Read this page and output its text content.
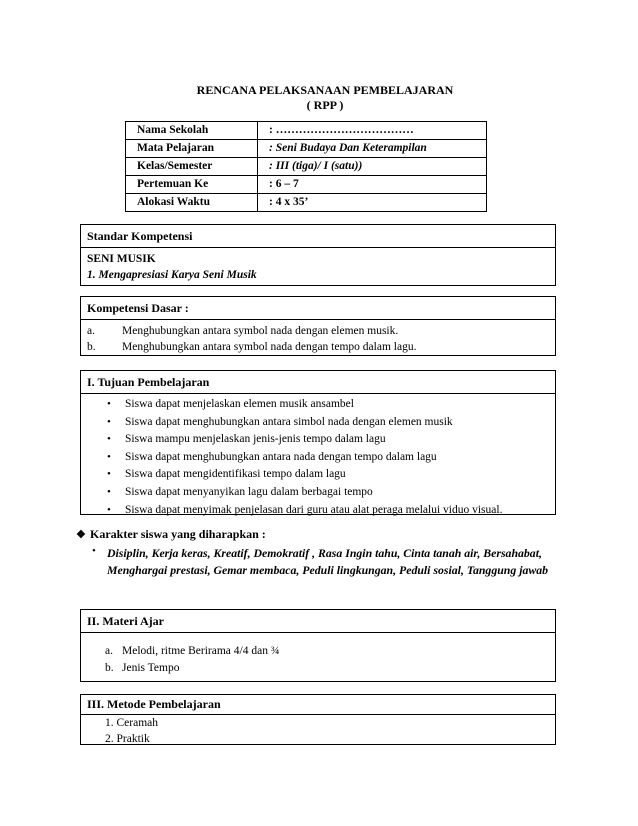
RENCANA PELAKSANAAN PEMBELAJARAN
( RPP )
Nama Sekolah	: ………………………………
Mata Pelajaran	: Seni Budaya Dan Keterampilan
Kelas/Semester	: III (tiga)/ I (satu))
Pertemuan Ke	: 6 – 7
Alokasi Waktu	: 4 x 35’
Standar Kompetensi
SENI MUSIK
1. Mengapresiasi Karya Seni Musik
Kompetensi Dasar :
a.	Menghubungkan antara symbol nada dengan elemen musik.
b.	Menghubungkan antara symbol nada dengan tempo dalam lagu.
I. Tujuan Pembelajaran
• Siswa dapat menjelaskan elemen musik ansambel
• Siswa dapat menghubungkan antara simbol nada dengan elemen musik
• Siswa mampu menjelaskan jenis-jenis tempo dalam lagu
• Siswa dapat menghubungkan antara nada dengan tempo dalam lagu
• Siswa dapat mengidentifikasi tempo dalam lagu
• Siswa dapat menyanyikan lagu dalam berbagai tempo
• Siswa dapat menyimak penjelasan dari guru atau alat peraga melalui viduo visual.
❖ Karakter siswa yang diharapkan :
• Disiplin, Kerja keras, Kreatif, Demokratif , Rasa Ingin tahu, Cinta tanah air, Bersahabat, Menghargai prestasi, Gemar membaca, Peduli lingkungan, Peduli sosial, Tanggung jawab
II. Materi Ajar
a. Melodi, ritme Berirama 4/4 dan ¾
b. Jenis Tempo
III. Metode Pembelajaran
1. Ceramah
2. Praktik
